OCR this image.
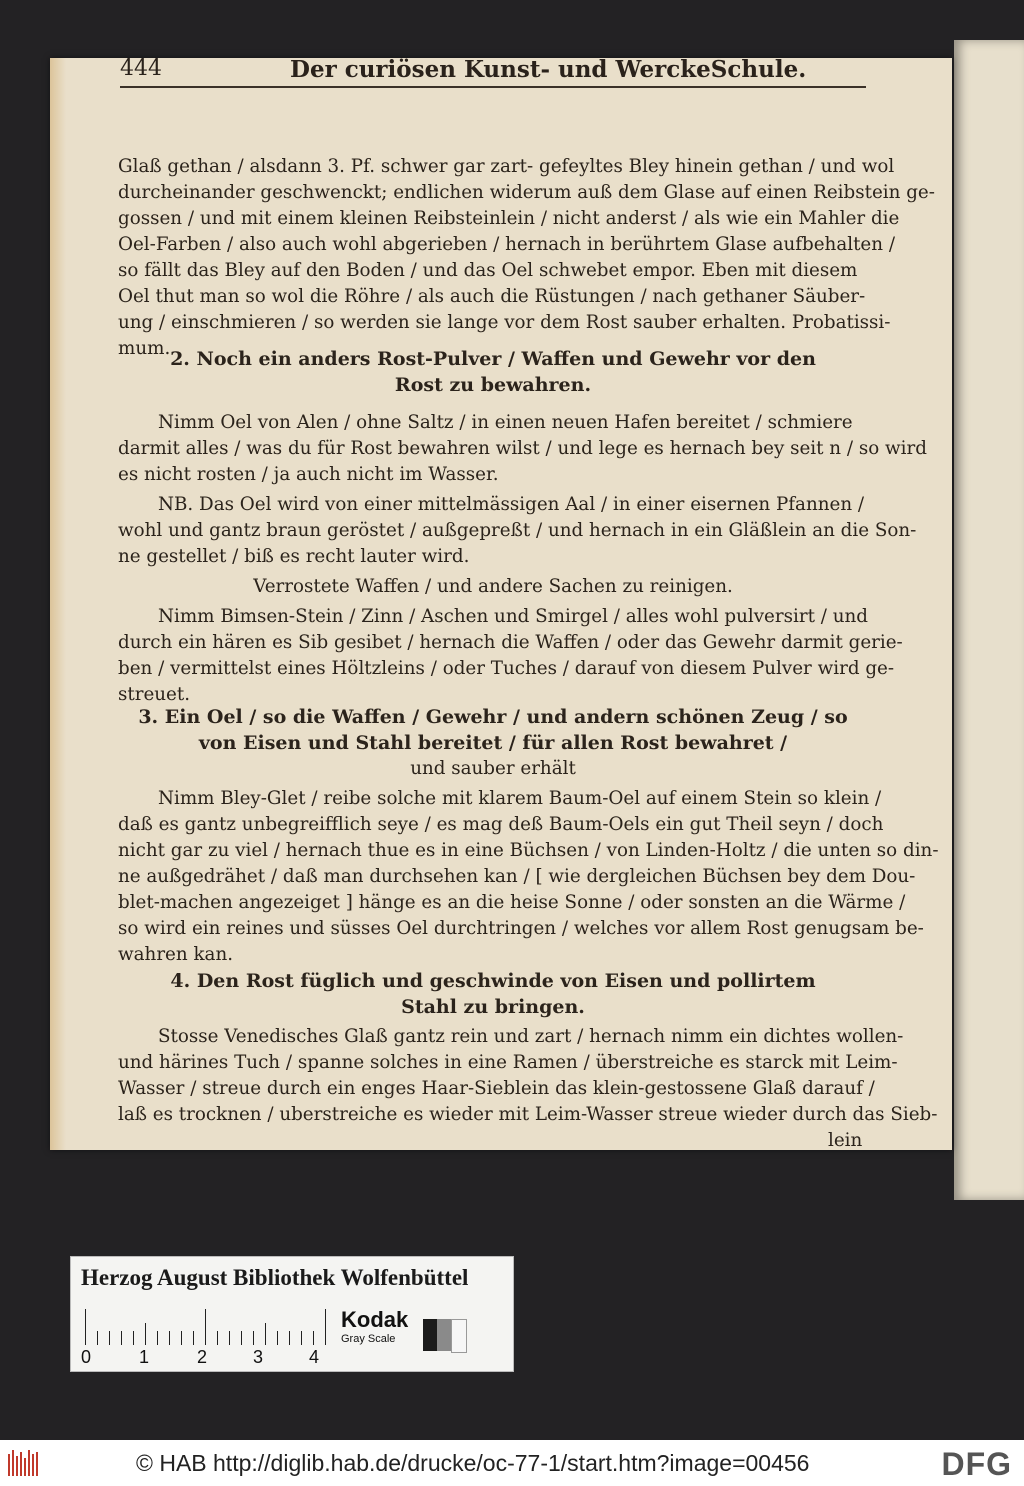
444	Der curiösen Kunst- und WerckeSchule.
Glaß gethan / alsdann 3. Pf. schwer gar zart- gefeyltes Bley hinein gethan / und wol
durcheinander geschwenckt; endlichen widerum auß dem Glase auf einen Reibstein ge-
gossen / und mit einem kleinen Reibsteinlein / nicht anderst / als wie ein Mahler die
Oel-Farben / also auch wohl abgerieben / hernach in berührtem Glase aufbehalten /
so fällt das Bley auf den Boden / und das Oel schwebet empor. Eben mit diesem
Oel thut man so wol die Röhre / als auch die Rüstungen / nach gethaner Säuber-
ung / einschmieren / so werden sie lange vor dem Rost sauber erhalten. Probatissi-
mum. 2. Noch ein anders Rost-Pulver / Waffen und Gewehr vor den
Rost zu bewahren.
Nimm Oel von Alen / ohne Saltz / in einen neuen Hafen bereitet / schmiere
darmit alles / was du für Rost bewahren wilst / und lege es hernach bey seit n / so wird
es nicht rosten / ja auch nicht im Wasser.
NB. Das Oel wird von einer mittelmässigen Aal / in einer eisernen Pfannen /
wohl und gantz braun geröstet / außgepreßt / und hernach in ein Gläßlein an die Son-
ne gestellet / biß es recht lauter wird.
Verrostete Waffen / und andere Sachen zu reinigen.
Nimm Bimsen-Stein / Zinn / Aschen und Smirgel / alles wohl pulversirt / und
durch ein hären es Sib gesibet / hernach die Waffen / oder das Gewehr darmit gerie-
ben / vermittelst eines Höltzleins / oder Tuches / darauf von diesem Pulver wird ge-
streuet.
3. Ein Oel / so die Waffen / Gewehr / und andern schönen Zeug / so
von Eisen und Stahl bereitet / für allen Rost bewahret /
und sauber erhält
Nimm Bley-Glet / reibe solche mit klarem Baum-Oel auf einem Stein so klein /
daß es gantz unbegreifflich seye / es mag deß Baum-Oels ein gut Theil seyn / doch
nicht gar zu viel / hernach thue es in eine Büchsen / von Linden-Holtz / die unten so din-
ne außgedrähet / daß man durchsehen kan / [ wie dergleichen Büchsen bey dem Dou-
blet-machen angezeiget ] hänge es an die heise Sonne / oder sonsten an die Wärme /
so wird ein reines und süsses Oel durchtringen / welches vor allem Rost genugsam be-
wahren kan.
4. Den Rost füglich und geschwinde von Eisen und pollirtem
Stahl zu bringen.
Stosse Venedisches Glaß gantz rein und zart / hernach nimm ein dichtes wollen-
und härines Tuch / spanne solches in eine Ramen / überstreiche es starck mit Leim-
Wasser / streue durch ein enges Haar-Sieblein das klein-gestossene Glaß darauf /
laß es trocknen / uberstreiche es wieder mit Leim-Wasser streue wieder durch das Sieb-
lein
Herzog August Bibliothek Wolfenbüttel
0	1	2	3	4
Kodak
Gray Scale
© HAB http://diglib.hab.de/drucke/oc-77-1/start.htm?image=00456	DFG
